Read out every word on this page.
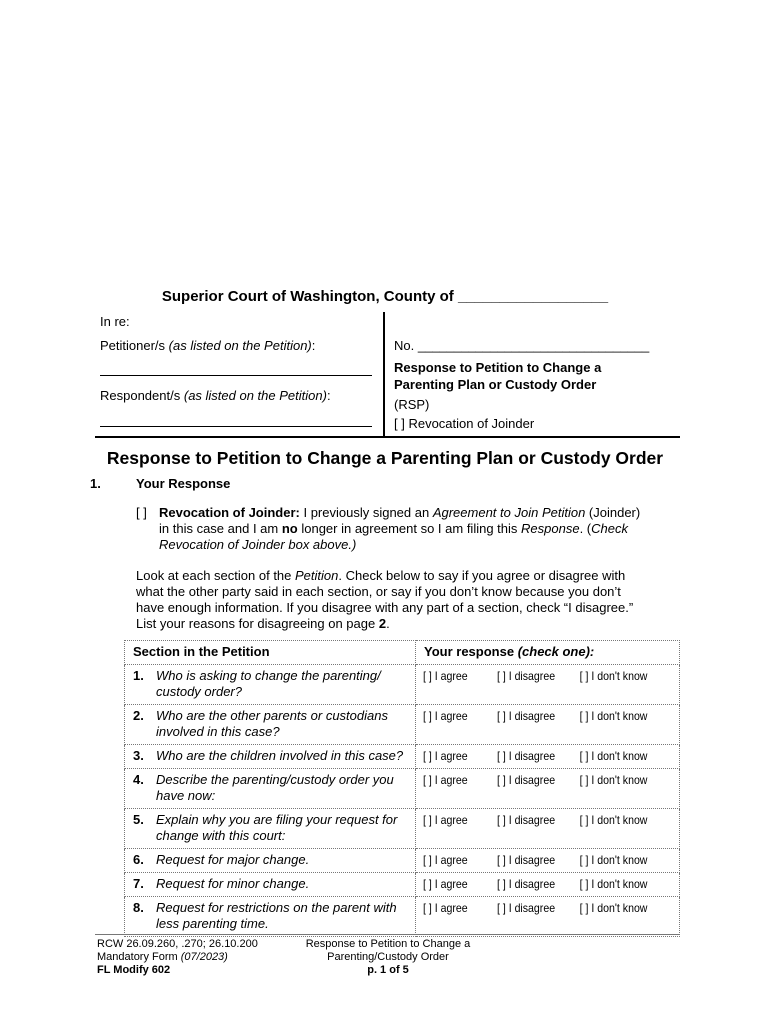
Superior Court of Washington, County of __________________
In re:
Petitioner/s (as listed on the Petition):
Respondent/s (as listed on the Petition):
No. ________________________________
Response to Petition to Change a
Parenting Plan or Custody Order
(RSP)
[ ] Revocation of Joinder
Response to Petition to Change a Parenting Plan or Custody Order
1.	Your Response
[ ] Revocation of Joinder: I previously signed an Agreement to Join Petition (Joinder)
in this case and I am no longer in agreement so I am filing this Response. (Check
Revocation of Joinder box above.)
Look at each section of the Petition. Check below to say if you agree or disagree with
what the other party said in each section, or say if you don’t know because you don’t
have enough information. If you disagree with any part of a section, check “I disagree.”
List your reasons for disagreeing on page 2.
Section in the Petition	Your response (check one):

1. Who is asking to change the parenting/ custody order?	[ ] I agree [ ] I disagree [ ] I don't know

2. Who are the other parents or custodians involved in this case?	[ ] I agree [ ] I disagree [ ] I don't know

3. Who are the children involved in this case?	[ ] I agree [ ] I disagree [ ] I don't know

4. Describe the parenting/custody order you have now:	[ ] I agree [ ] I disagree [ ] I don't know

5. Explain why you are filing your request for change with this court:	[ ] I agree [ ] I disagree [ ] I don't know

6. Request for major change.	[ ] I agree [ ] I disagree [ ] I don't know

7. Request for minor change.	[ ] I agree [ ] I disagree [ ] I don't know

8. Request for restrictions on the parent with less parenting time.	[ ] I agree [ ] I disagree [ ] I don't know
RCW 26.09.260, .270; 26.10.200
Mandatory Form (07/2023)
FL Modify 602
Response to Petition to Change a
Parenting/Custody Order
p. 1 of 5
